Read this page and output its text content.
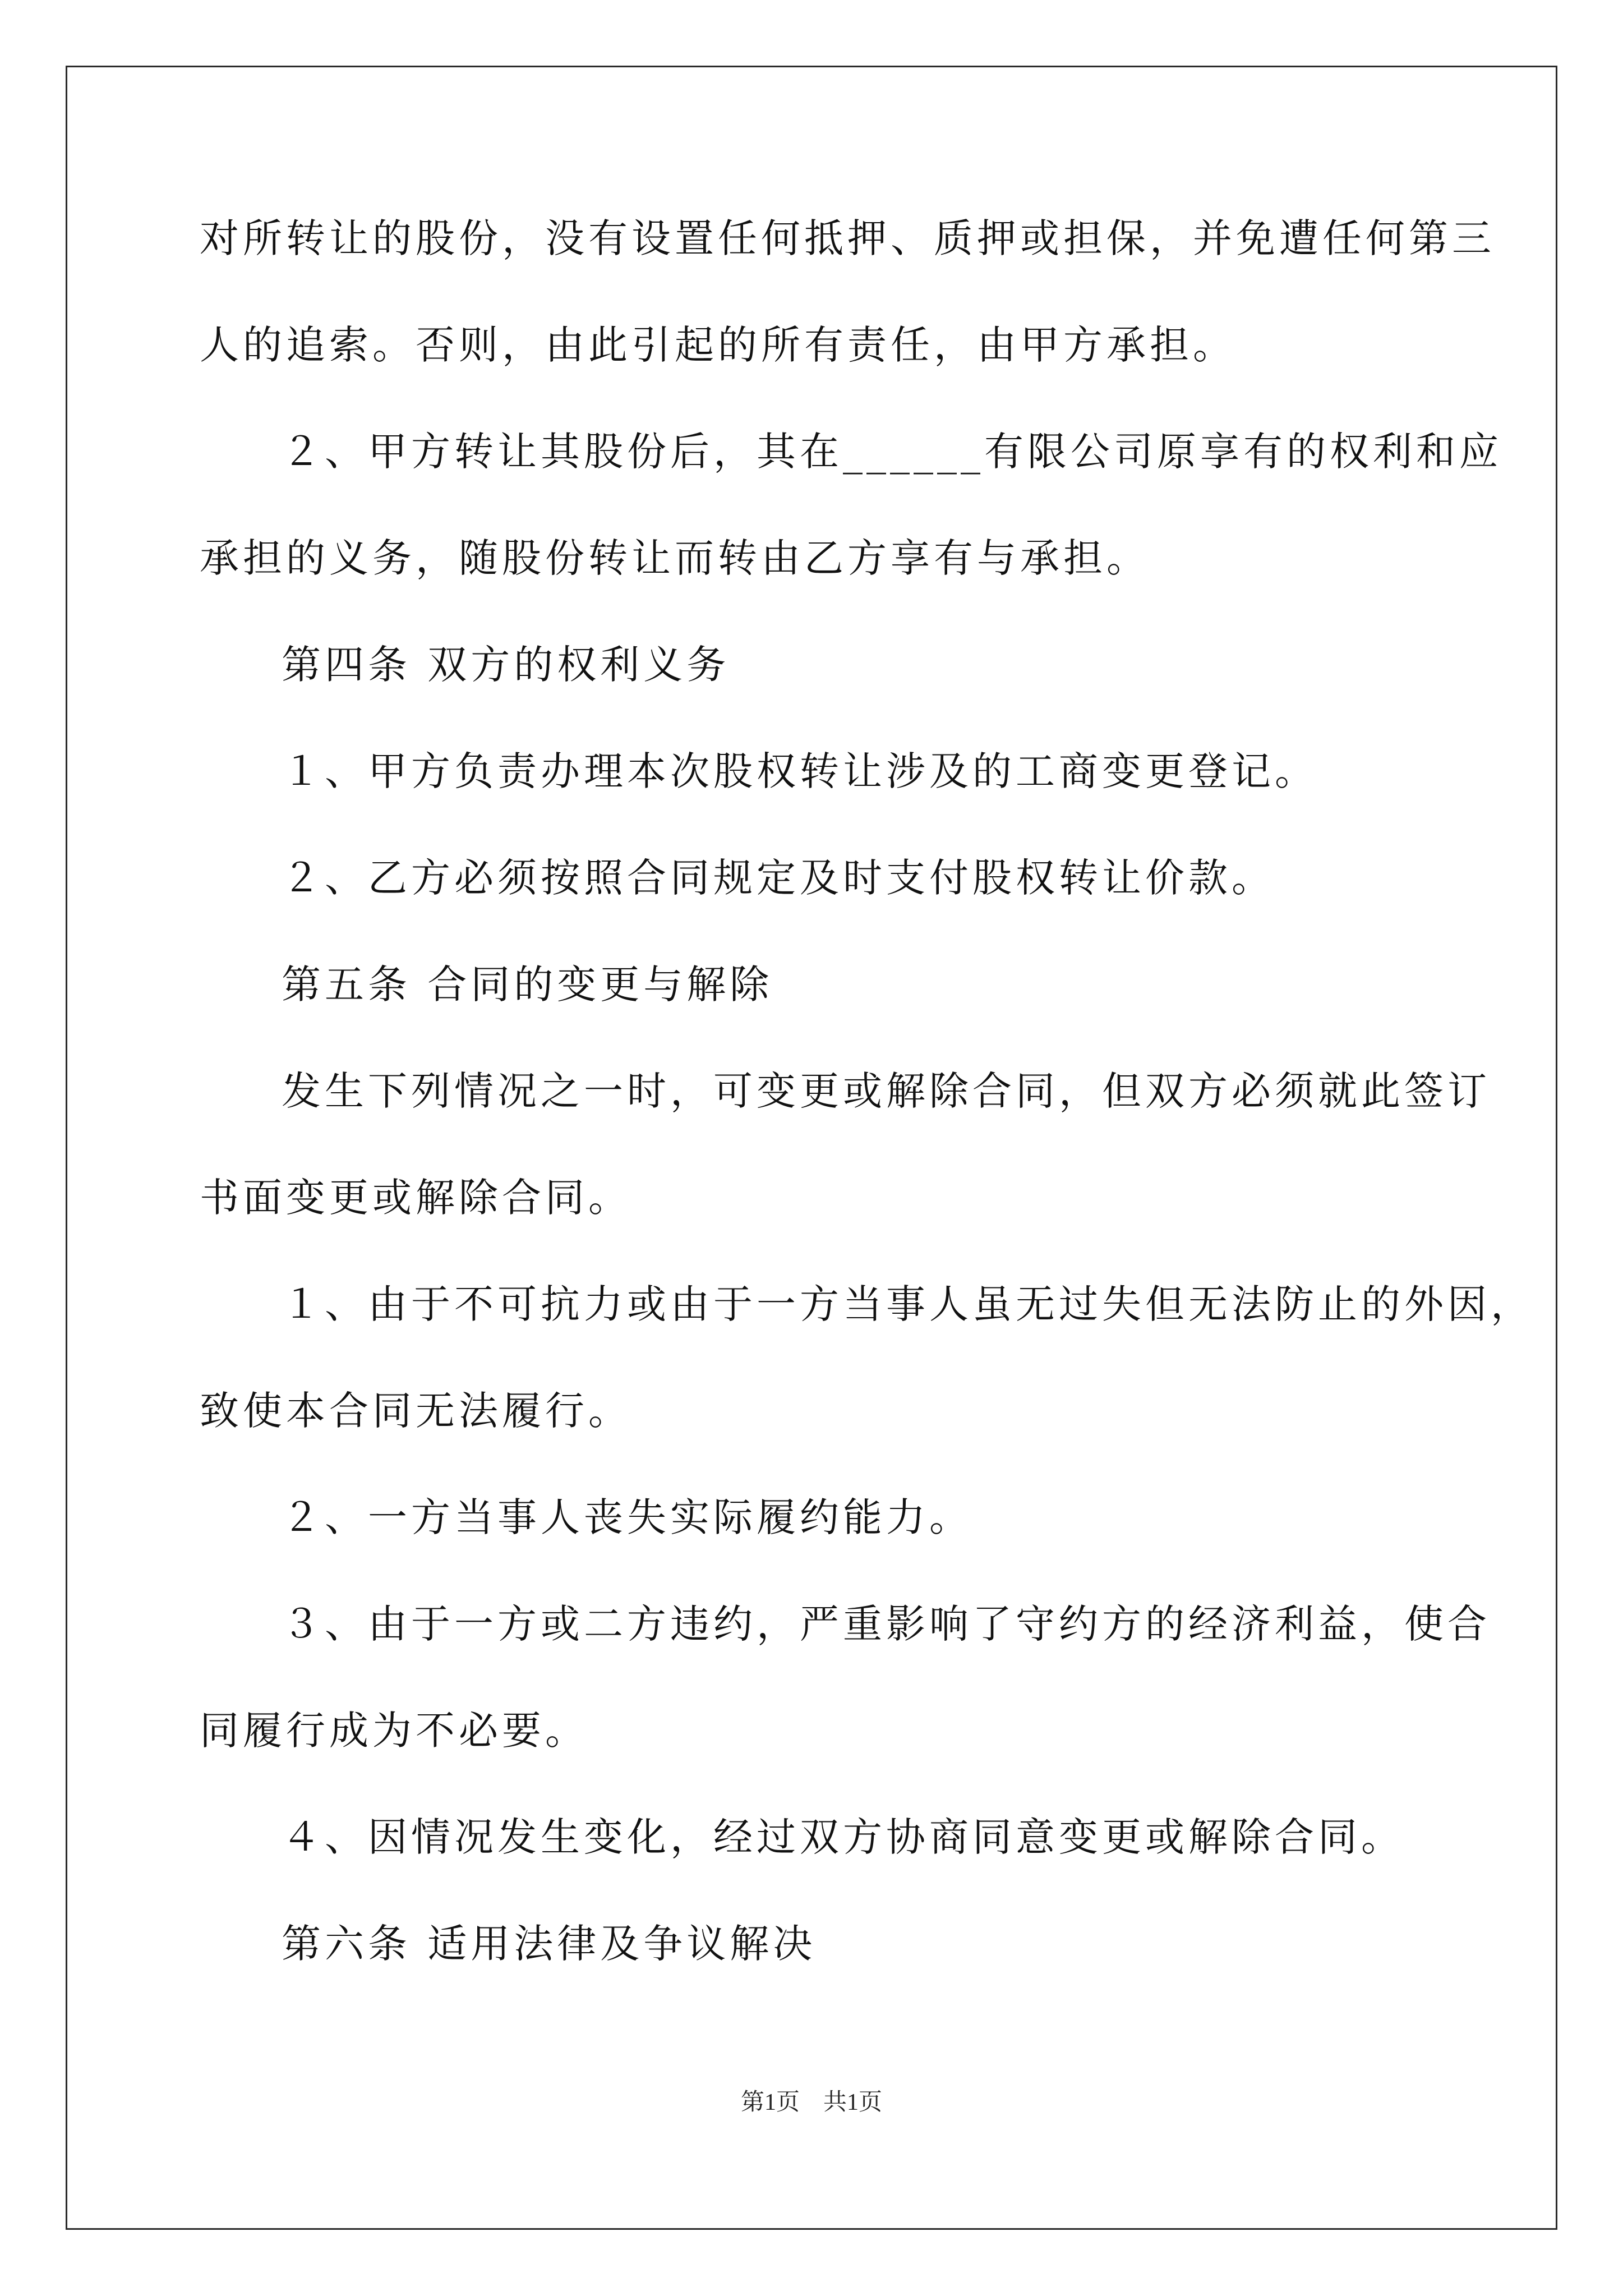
对所转让的股份，没有设置任何抵押、质押或担保，并免遭任何第三
人的追索。否则，由此引起的所有责任，由甲方承担。
２、甲方转让其股份后，其在______有限公司原享有的权利和应
承担的义务，随股份转让而转由乙方享有与承担。
第四条 双方的权利义务
１、甲方负责办理本次股权转让涉及的工商变更登记。
２、乙方必须按照合同规定及时支付股权转让价款。
第五条 合同的变更与解除
发生下列情况之一时，可变更或解除合同，但双方必须就此签订
书面变更或解除合同。
１、由于不可抗力或由于一方当事人虽无过失但无法防止的外因，
致使本合同无法履行。
２、一方当事人丧失实际履约能力。
３、由于一方或二方违约，严重影响了守约方的经济利益，使合
同履行成为不必要。
４、因情况发生变化，经过双方协商同意变更或解除合同。
第六条 适用法律及争议解决
第1页　共1页
